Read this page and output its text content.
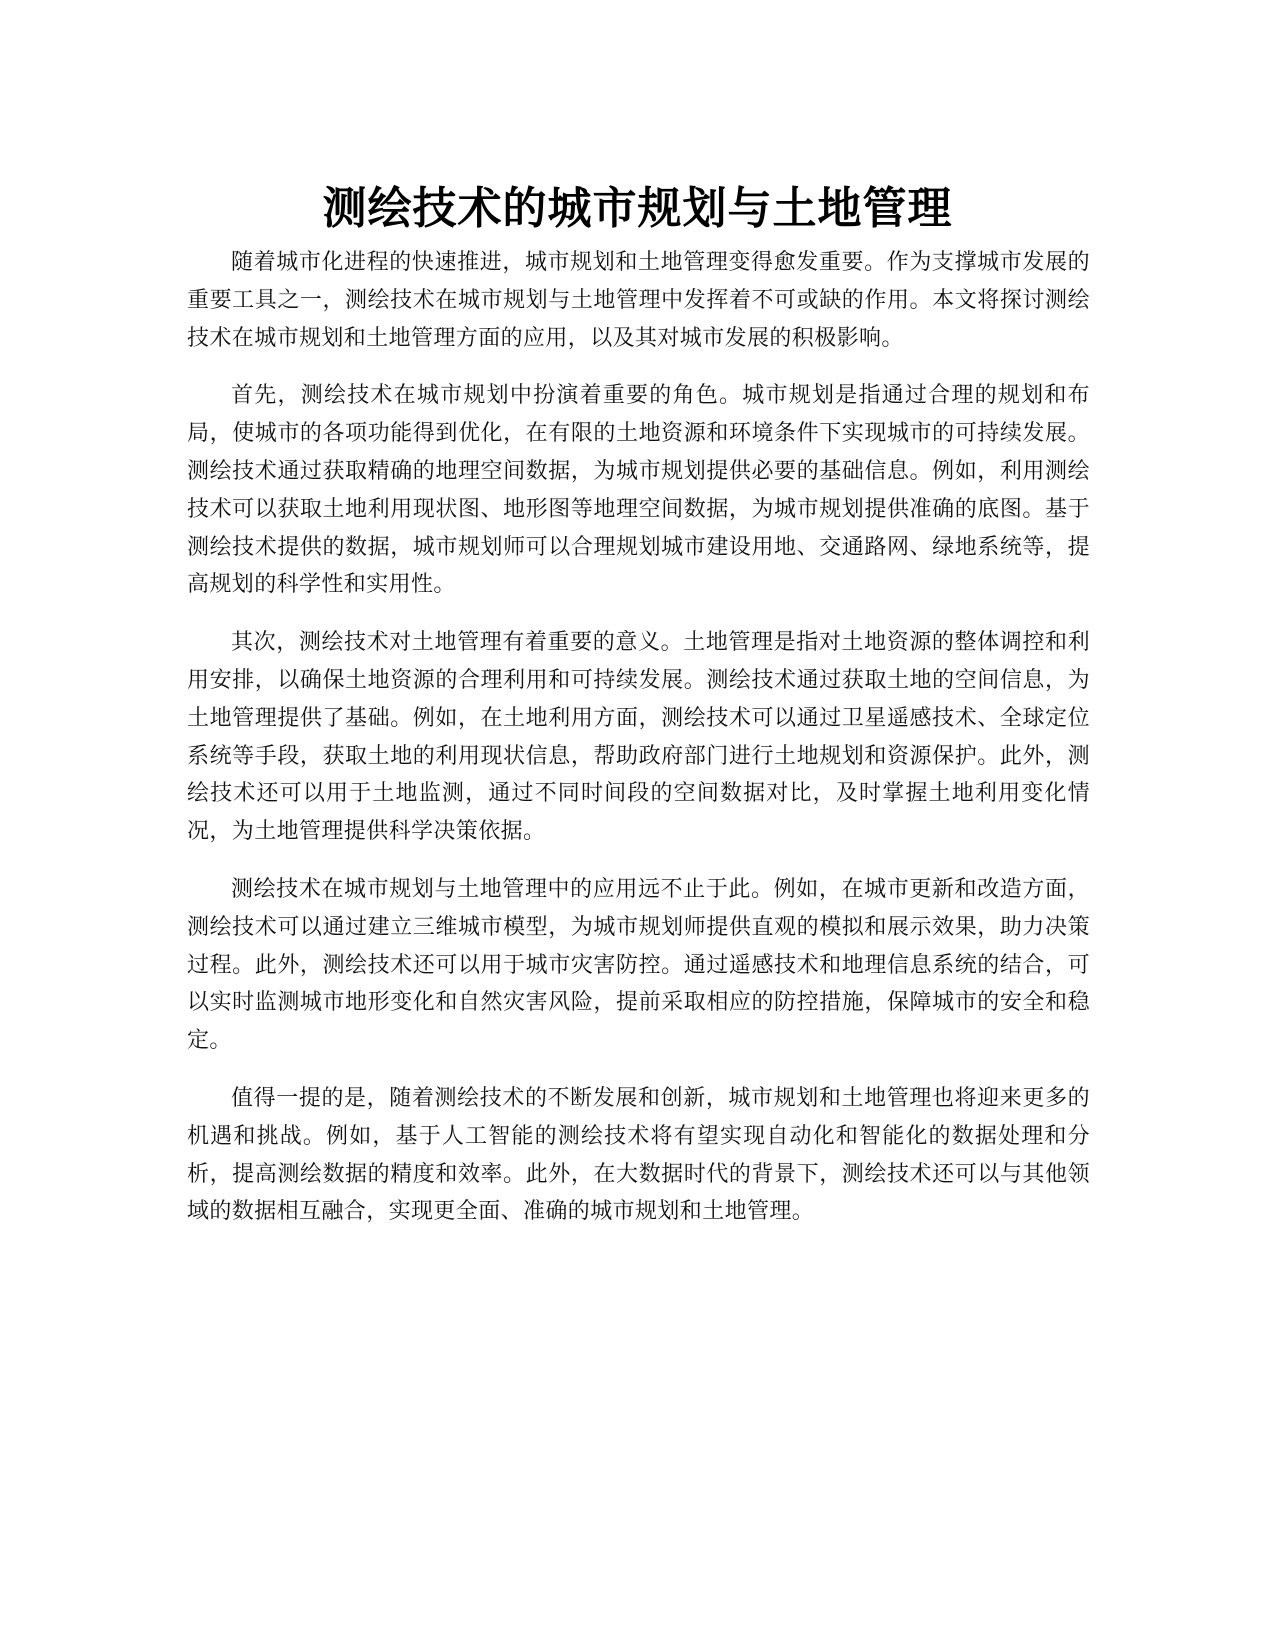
测绘技术的城市规划与土地管理

随着城市化进程的快速推进，城市规划和土地管理变得愈发重要。作为支撑城市发展的重要工具之一，测绘技术在城市规划与土地管理中发挥着不可或缺的作用。本文将探讨测绘技术在城市规划和土地管理方面的应用，以及其对城市发展的积极影响。

首先，测绘技术在城市规划中扮演着重要的角色。城市规划是指通过合理的规划和布局，使城市的各项功能得到优化，在有限的土地资源和环境条件下实现城市的可持续发展。测绘技术通过获取精确的地理空间数据，为城市规划提供必要的基础信息。例如，利用测绘技术可以获取土地利用现状图、地形图等地理空间数据，为城市规划提供准确的底图。基于测绘技术提供的数据，城市规划师可以合理规划城市建设用地、交通路网、绿地系统等，提高规划的科学性和实用性。

其次，测绘技术对土地管理有着重要的意义。土地管理是指对土地资源的整体调控和利用安排，以确保土地资源的合理利用和可持续发展。测绘技术通过获取土地的空间信息，为土地管理提供了基础。例如，在土地利用方面，测绘技术可以通过卫星遥感技术、全球定位系统等手段，获取土地的利用现状信息，帮助政府部门进行土地规划和资源保护。此外，测绘技术还可以用于土地监测，通过不同时间段的空间数据对比，及时掌握土地利用变化情况，为土地管理提供科学决策依据。

测绘技术在城市规划与土地管理中的应用远不止于此。例如，在城市更新和改造方面，测绘技术可以通过建立三维城市模型，为城市规划师提供直观的模拟和展示效果，助力决策过程。此外，测绘技术还可以用于城市灾害防控。通过遥感技术和地理信息系统的结合，可以实时监测城市地形变化和自然灾害风险，提前采取相应的防控措施，保障城市的安全和稳定。

值得一提的是，随着测绘技术的不断发展和创新，城市规划和土地管理也将迎来更多的机遇和挑战。例如，基于人工智能的测绘技术将有望实现自动化和智能化的数据处理和分析，提高测绘数据的精度和效率。此外，在大数据时代的背景下，测绘技术还可以与其他领域的数据相互融合，实现更全面、准确的城市规划和土地管理。
